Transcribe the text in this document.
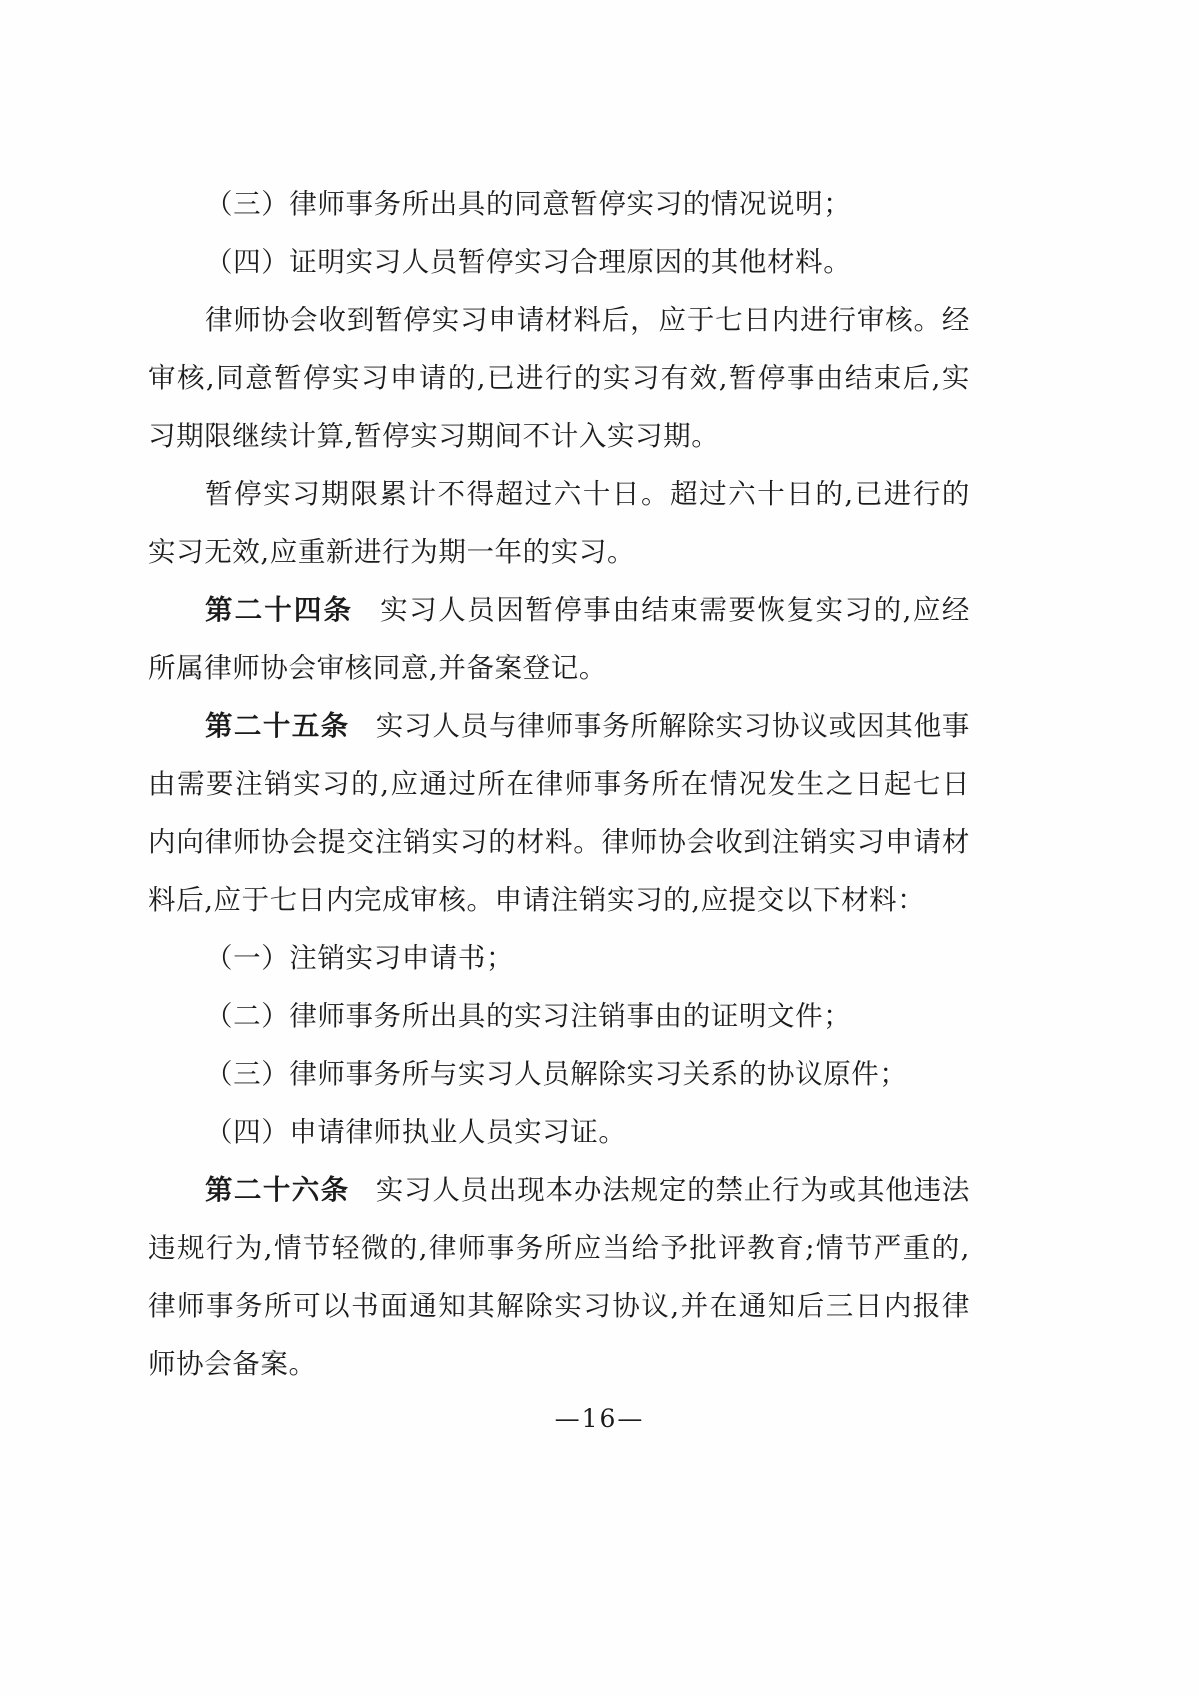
（三）律师事务所出具的同意暂停实习的情况说明；

（四）证明实习人员暂停实习合理原因的其他材料。

律师协会收到暂停实习申请材料后，应于七日内进行审核。经审核,同意暂停实习申请的,已进行的实习有效,暂停事由结束后,实习期限继续计算,暂停实习期间不计入实习期。

暂停实习期限累计不得超过六十日。超过六十日的,已进行的实习无效,应重新进行为期一年的实习。

第二十四条 实习人员因暂停事由结束需要恢复实习的,应经所属律师协会审核同意,并备案登记。

第二十五条 实习人员与律师事务所解除实习协议或因其他事由需要注销实习的,应通过所在律师事务所在情况发生之日起七日内向律师协会提交注销实习的材料。律师协会收到注销实习申请材料后,应于七日内完成审核。申请注销实习的,应提交以下材料：

（一）注销实习申请书；

（二）律师事务所出具的实习注销事由的证明文件；

（三）律师事务所与实习人员解除实习关系的协议原件；

（四）申请律师执业人员实习证。

第二十六条 实习人员出现本办法规定的禁止行为或其他违法违规行为,情节轻微的,律师事务所应当给予批评教育;情节严重的,律师事务所可以书面通知其解除实习协议,并在通知后三日内报律师协会备案。

—16—
